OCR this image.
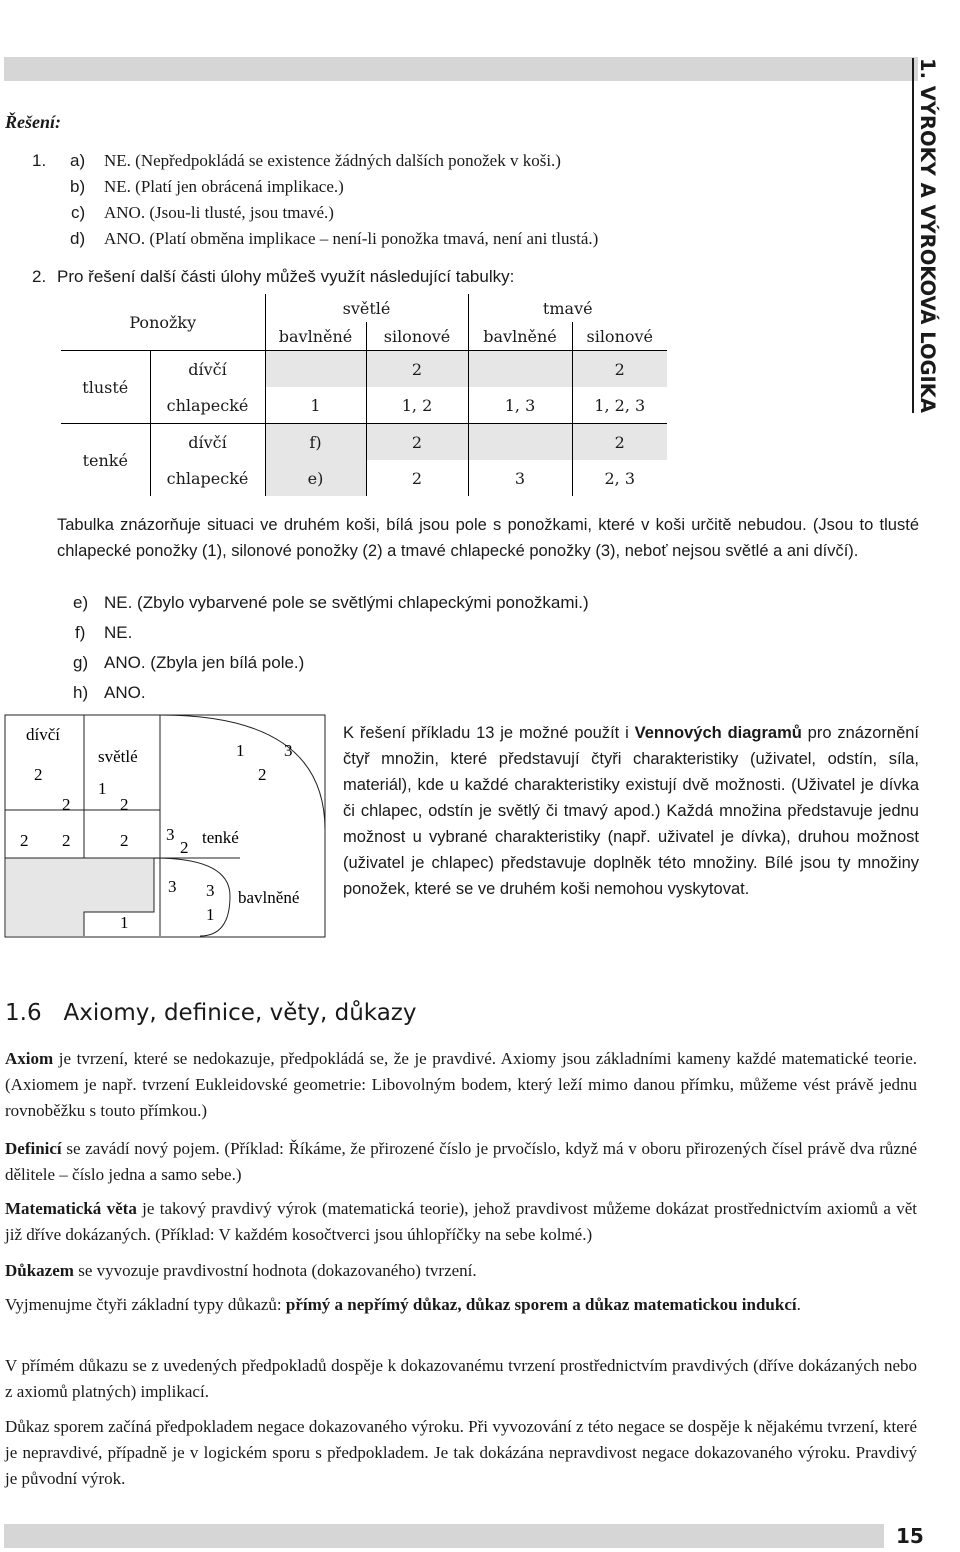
1. VÝROKY A VÝROKOVÁ LOGIKA
Řešení:
1. a) NE. (Nepředpokládá se existence žádných dalších ponožek v koši.)
b) NE. (Platí jen obrácená implikace.)
c) ANO. (Jsou-li tlusté, jsou tmavé.)
d) ANO. (Platí obměna implikace – není-li ponožka tmavá, není ani tlustá.)
2. Pro řešení další části úlohy můžeš využít následující tabulky:
Ponožky		světlé		tmavé	
		bavlněné	silonové	bavlněné	silonové
tlusté	dívčí		2		2
	chlapecké	1	1, 2	1, 3	1, 2, 3
tenké	dívčí	f)	2		2
	chlapecké	e)	2	3	2, 3
Tabulka znázorňuje situaci ve druhém koši, bílá jsou pole s ponožkami, které v koši určitě nebudou. (Jsou to tlusté chlapecké ponožky (1), silonové ponožky (2) a tmavé chlapecké ponožky (3), neboť nejsou světlé a ani dívčí).
e) NE. (Zbylo vybarvené pole se světlými chlapeckými ponožkami.)
f) NE.
g) ANO. (Zbyla jen bílá pole.)
h) ANO.
dívčí
světlé
tenké
bavlněné
2
1
2	2
2 2	2 3
2
1 3
2
3 3
1
1
K řešení příkladu 13 je možné použít i Vennových diagramů pro znázornění čtyř množin, které představují čtyři charakteristiky (uživatel, odstín, síla, materiál), kde u každé charakteristiky existují dvě možnosti. (Uživatel je dívka či chlapec, odstín je světlý či tmavý apod.) Každá množina představuje jednu možnost u vybrané charakteristiky (např. uživatel je dívka), druhou možnost (uživatel je chlapec) představuje doplněk této množiny. Bílé jsou ty množiny ponožek, které se ve druhém koši nemohou vyskytovat.
1.6 Axiomy, definice, věty, důkazy

Axiom je tvrzení, které se nedokazuje, předpokládá se, že je pravdivé. Axiomy jsou základními kameny každé matematické teorie. (Axiomem je např. tvrzení Eukleidovské geometrie: Libovolným bodem, který leží mimo danou přímku, můžeme vést právě jednu rovnoběžku s touto přímkou.)

Definicí se zavádí nový pojem. (Příklad: Říkáme, že přirozené číslo je prvočíslo, když má v oboru přirozených čísel právě dva různé dělitele – číslo jedna a samo sebe.)

Matematická věta je takový pravdivý výrok (matematická teorie), jehož pravdivost můžeme dokázat prostřednictvím axiomů a vět již dříve dokázaných. (Příklad: V každém kosočtverci jsou úhlopříčky na sebe kolmé.)

Důkazem se vyvozuje pravdivostní hodnota (dokazovaného) tvrzení.

Vyjmenujme čtyři základní typy důkazů: přímý a nepřímý důkaz, důkaz sporem a důkaz matematickou indukcí.

V přímém důkazu se z uvedených předpokladů dospěje k dokazovanému tvrzení prostřednictvím pravdivých (dříve dokázaných nebo z axiomů platných) implikací.

Důkaz sporem začíná předpokladem negace dokazovaného výroku. Při vyvozování z této negace se dospěje k nějakému tvrzení, které je nepravdivé, případně je v logickém sporu s předpokladem. Je tak dokázána nepravdivost negace dokazovaného výroku. Pravdivý je původní výrok.

15
